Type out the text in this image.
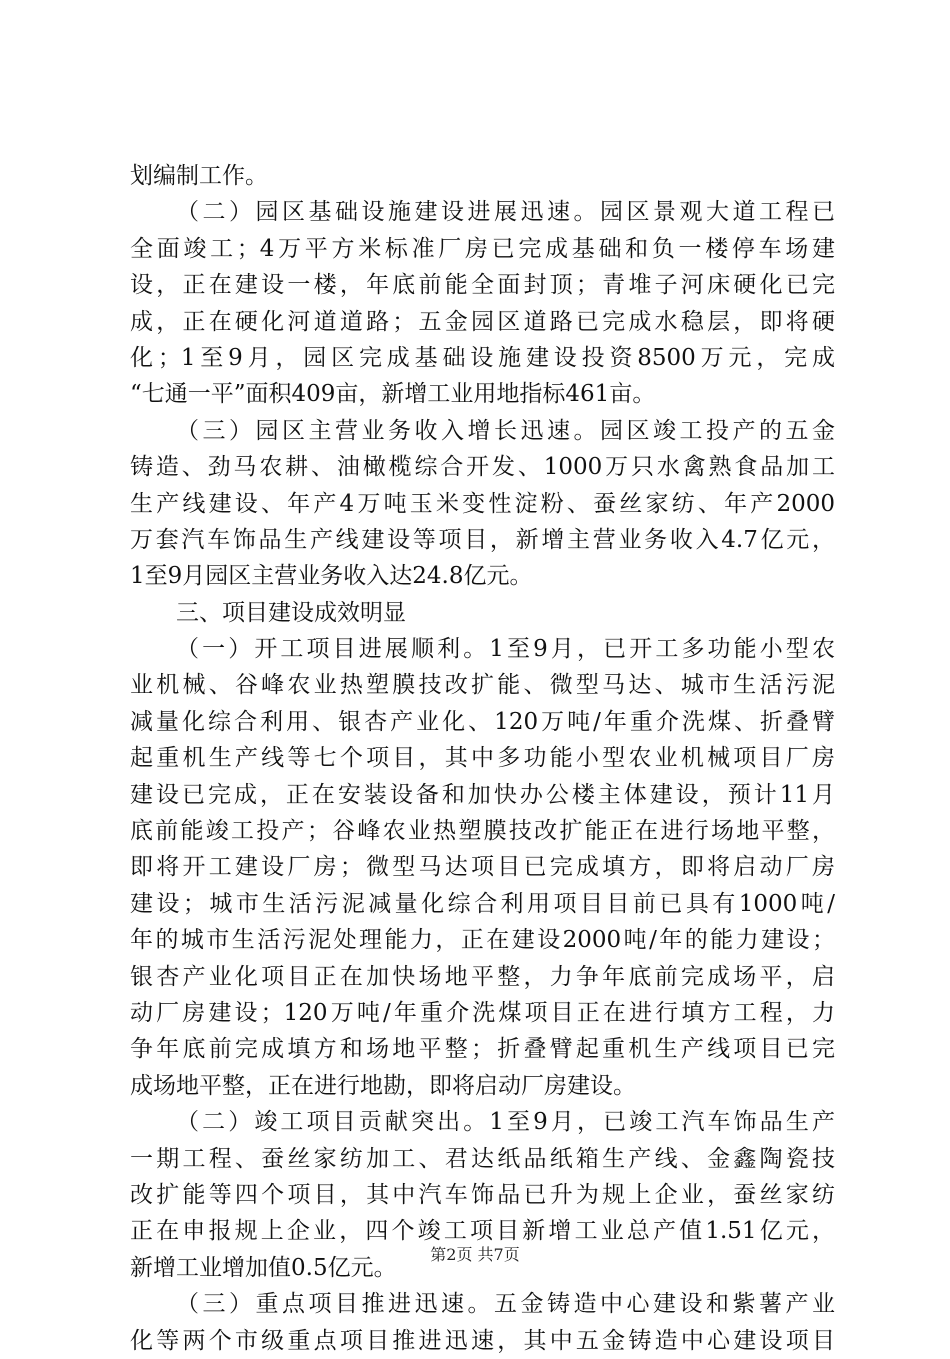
划编制工作。
（二）园区基础设施建设进展迅速。园区景观大道工程已
全面竣工；4万平方米标准厂房已完成基础和负一楼停车场建
设，正在建设一楼，年底前能全面封顶；青堆子河床硬化已完
成，正在硬化河道道路；五金园区道路已完成水稳层，即将硬
化；1至9月，园区完成基础设施建设投资8500万元，完成
“七通一平”面积409亩，新增工业用地指标461亩。
（三）园区主营业务收入增长迅速。园区竣工投产的五金
铸造、劲马农耕、油橄榄综合开发、1000万只水禽熟食品加工
生产线建设、年产4万吨玉米变性淀粉、蚕丝家纺、年产2000
万套汽车饰品生产线建设等项目，新增主营业务收入4.7亿元，
1至9月园区主营业务收入达24.8亿元。
三、项目建设成效明显
（一）开工项目进展顺利。1至9月，已开工多功能小型农
业机械、谷峰农业热塑膜技改扩能、微型马达、城市生活污泥
减量化综合利用、银杏产业化、120万吨/年重介洗煤、折叠臂
起重机生产线等七个项目，其中多功能小型农业机械项目厂房
建设已完成，正在安装设备和加快办公楼主体建设，预计11月
底前能竣工投产；谷峰农业热塑膜技改扩能正在进行场地平整，
即将开工建设厂房；微型马达项目已完成填方，即将启动厂房
建设；城市生活污泥减量化综合利用项目目前已具有1000吨/
年的城市生活污泥处理能力，正在建设2000吨/年的能力建设；
银杏产业化项目正在加快场地平整，力争年底前完成场平，启
动厂房建设；120万吨/年重介洗煤项目正在进行填方工程，力
争年底前完成填方和场地平整；折叠臂起重机生产线项目已完
成场地平整，正在进行地勘，即将启动厂房建设。
（二）竣工项目贡献突出。1至9月，已竣工汽车饰品生产
一期工程、蚕丝家纺加工、君达纸品纸箱生产线、金鑫陶瓷技
改扩能等四个项目，其中汽车饰品已升为规上企业，蚕丝家纺
正在申报规上企业，四个竣工项目新增工业总产值1.51亿元，
新增工业增加值0.5亿元。
（三）重点项目推进迅速。五金铸造中心建设和紫薯产业
化等两个市级重点项目推进迅速，其中五金铸造中心建设项目
第2页 共7页
